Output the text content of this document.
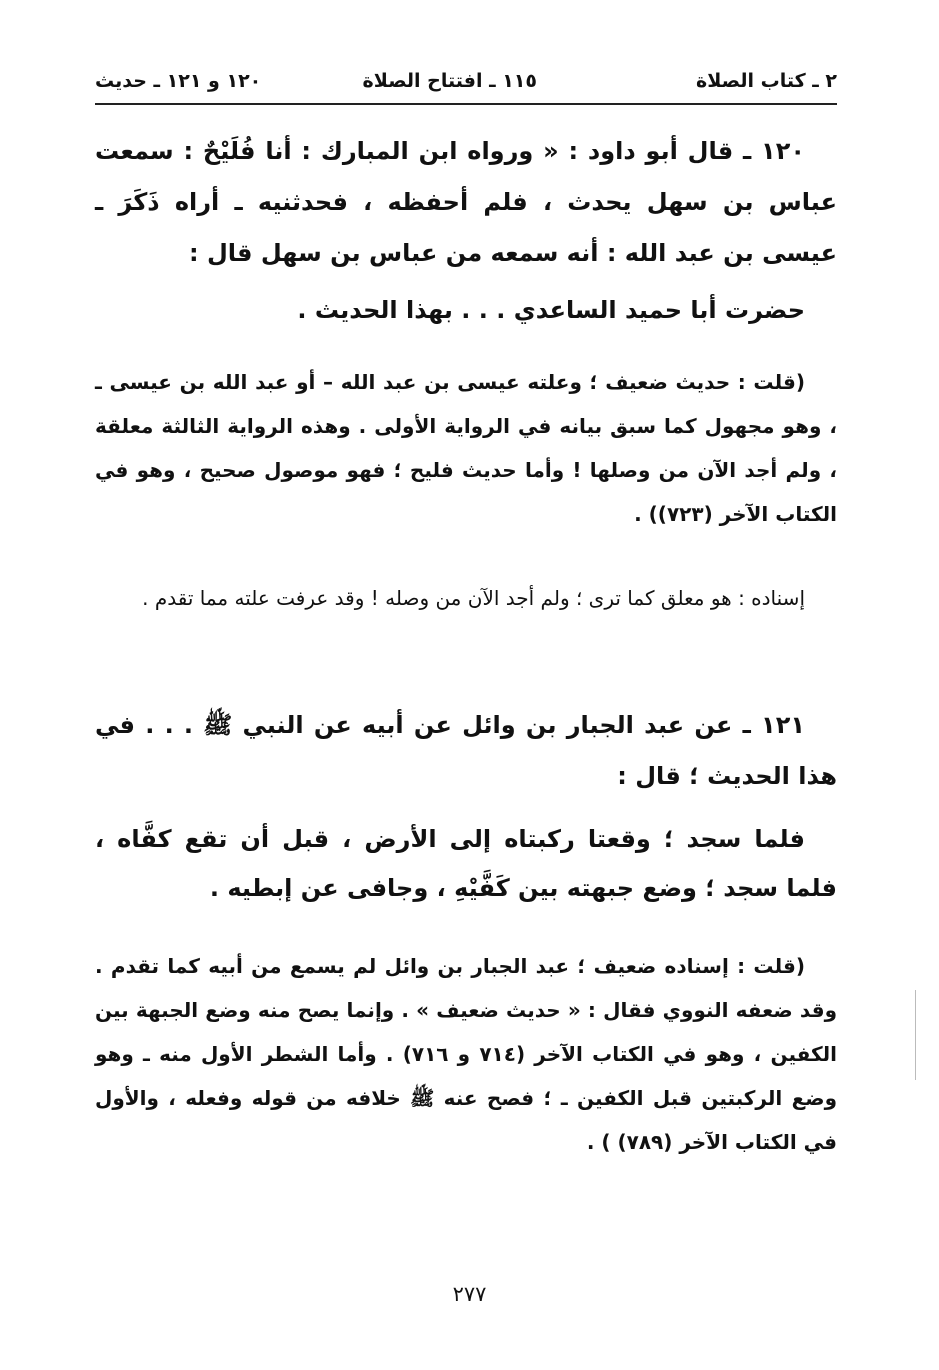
٢ ـ كتاب الصلاة
١١٥ ـ افتتاح الصلاة
١٢٠ و ١٢١ ـ حديث

١٢٠ ـ قال أبو داود : « ورواه ابن المبارك : أنا فُلَيْحٌ : سمعت عباس بن سهل يحدث ، فلم أحفظه ، فحدثنيه ـ أراه ذَكَرَ ـ عيسى بن عبد الله : أنه سمعه من عباس بن سهل قال :

حضرت أبا حميد الساعدي . . . بهذا الحديث .

(قلت : حديث ضعيف ؛ وعلته عيسى بن عبد الله – أو عبد الله بن عيسى ـ ، وهو مجهول كما سبق بيانه في الرواية الأولى . وهذه الرواية الثالثة معلقة ، ولم أجد الآن من وصلها ! وأما حديث فليح ؛ فهو موصول صحيح ، وهو في الكتاب الآخر (٧٢٣)) .

إسناده : هو معلق كما ترى ؛ ولم أجد الآن من وصله ! وقد عرفت علته مما تقدم .

١٢١ ـ عن عبد الجبار بن وائل عن أبيه عن النبي ﷺ . . . في هذا الحديث ؛ قال :

فلما سجد ؛ وقعتا ركبتاه إلى الأرض ، قبل أن تقع كفَّاه ، فلما سجد ؛ وضع جبهته بين كَفَّيْهِ ، وجافى عن إبطيه .

(قلت : إسناده ضعيف ؛ عبد الجبار بن وائل لم يسمع من أبيه كما تقدم . وقد ضعفه النووي فقال : « حديث ضعيف » . وإنما يصح منه وضع الجبهة بين الكفين ، وهو في الكتاب الآخر (٧١٤ و ٧١٦) . وأما الشطر الأول منه ـ وهو وضع الركبتين قبل الكفين ـ ؛ فصح عنه ﷺ خلافه من قوله وفعله ، والأول في الكتاب الآخر (٧٨٩) ) .

٢٧٧
